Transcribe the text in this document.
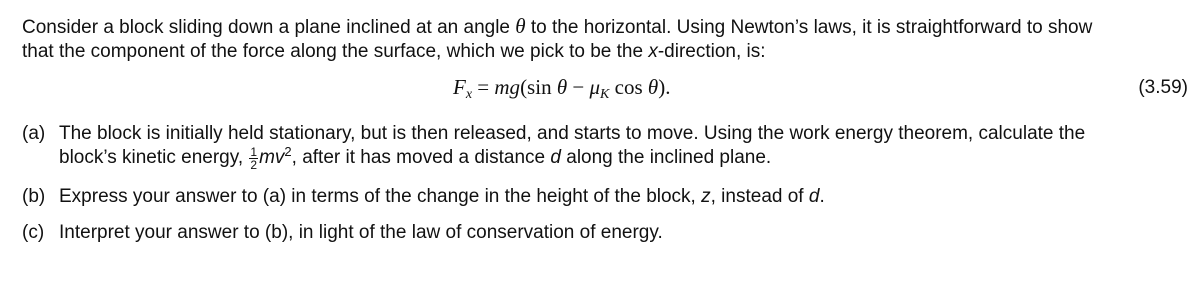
Consider a block sliding down a plane inclined at an angle θ to the horizontal. Using Newton’s laws, it is straightforward to show
that the component of the force along the surface, which we pick to be the x-direction, is:

$F_x = mg(\sin$ $\theta - \mu_K$ cos θ).	(3.59)
(a) The block is initially held stationary, but is then released, and starts to move. Using the work energy theorem, calculate the
block’s kinetic energy, $\frac{1}{2} mv^2$, after it has moved a distance d along the inclined plane.
(b) Express your answer to (a) in terms of the change in the height of the block, z, instead of d.
(c) Interpret your answer to (b), in light of the law of conservation of energy.
